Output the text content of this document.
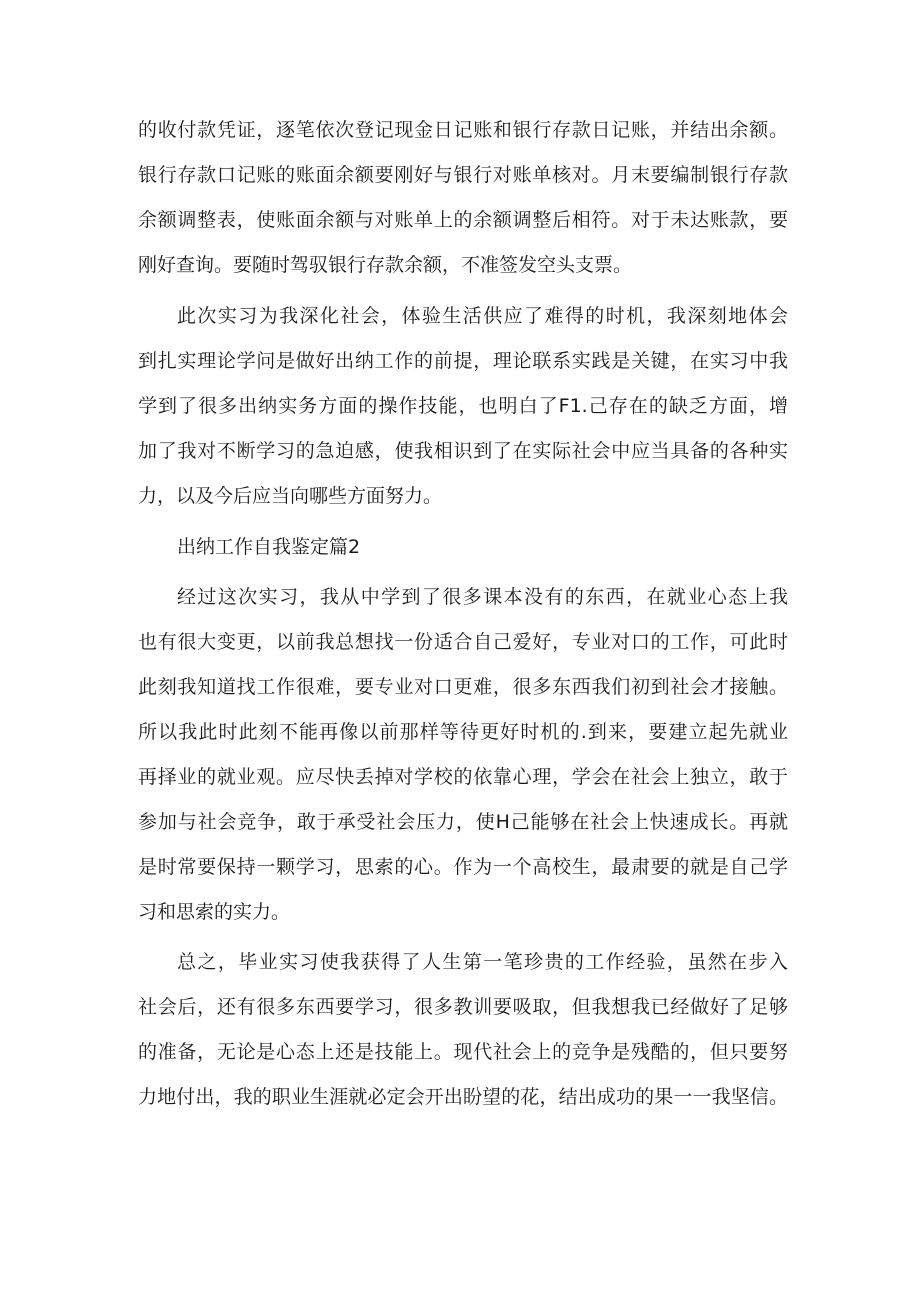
的收付款凭证，逐笔依次登记现金日记账和银行存款日记账，并结出余额。
银行存款口记账的账面余额要刚好与银行对账单核对。月末要编制银行存款
余额调整表，使账面余额与对账单上的余额调整后相符。对于未达账款，要
刚好查询。要随时驾驭银行存款余额，不准签发空头支票。
此次实习为我深化社会，体验生活供应了难得的时机，我深刻地体会
到扎实理论学问是做好出纳工作的前提，理论联系实践是关键，在实习中我
学到了很多出纳实务方面的操作技能，也明白了F1.己存在的缺乏方面，增
加了我对不断学习的急迫感，使我相识到了在实际社会中应当具备的各种实
力，以及今后应当向哪些方面努力。
出纳工作自我鉴定篇2
经过这次实习，我从中学到了很多课本没有的东西，在就业心态上我
也有很大变更，以前我总想找一份适合自己爱好，专业对口的工作，可此时
此刻我知道找工作很难，要专业对口更难，很多东西我们初到社会才接触。
所以我此时此刻不能再像以前那样等待更好时机的.到来，要建立起先就业
再择业的就业观。应尽快丢掉对学校的依靠心理，学会在社会上独立，敢于
参加与社会竞争，敢于承受社会压力，使H己能够在社会上快速成长。再就
是时常要保持一颗学习，思索的心。作为一个高校生，最肃要的就是自己学
习和思索的实力。
总之，毕业实习使我获得了人生第一笔珍贵的工作经验，虽然在步入
社会后，还有很多东西要学习，很多教训要吸取，但我想我已经做好了足够
的准备，无论是心态上还是技能上。现代社会上的竞争是残酷的，但只要努
力地付出，我的职业生涯就必定会开出盼望的花，结出成功的果一一我坚信。
